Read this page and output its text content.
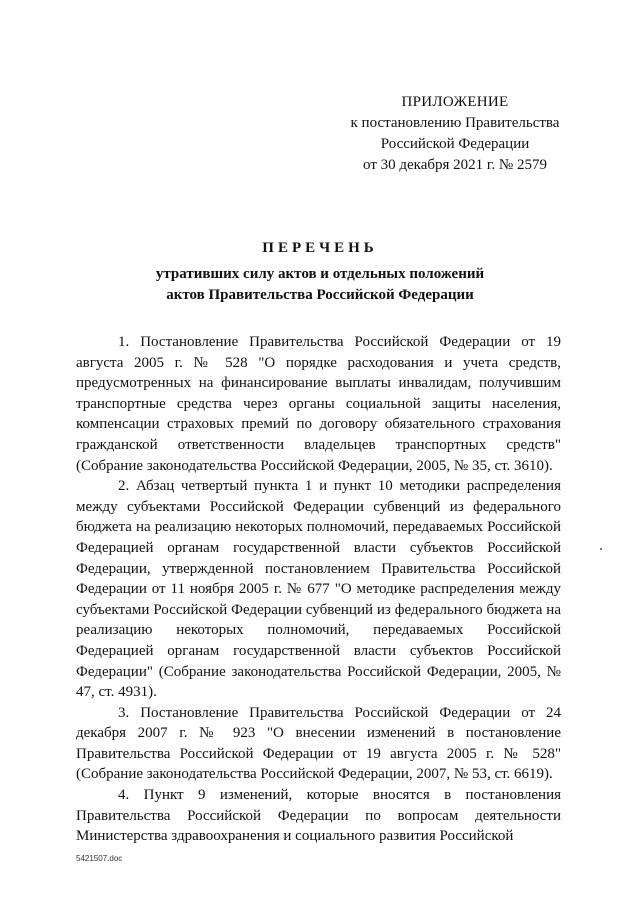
ПРИЛОЖЕНИЕ
к постановлению Правительства
Российской Федерации
от 30 декабря 2021 г. № 2579
ПЕРЕЧЕНЬ
утративших силу актов и отдельных положений
актов Правительства Российской Федерации

1. Постановление Правительства Российской Федерации от 19 августа 2005 г. № 528 "О порядке расходования и учета средств, предусмотренных на финансирование выплаты инвалидам, получившим транспортные средства через органы социальной защиты населения, компенсации страховых премий по договору обязательного страхования гражданской ответственности владельцев транспортных средств" (Собрание законодательства Российской Федерации, 2005, № 35, ст. 3610).

2. Абзац четвертый пункта 1 и пункт 10 методики распределения между субъектами Российской Федерации субвенций из федерального бюджета на реализацию некоторых полномочий, передаваемых Российской Федерацией органам государственной власти субъектов Российской Федерации, утвержденной постановлением Правительства Российской Федерации от 11 ноября 2005 г. № 677 "О методике распределения между субъектами Российской Федерации субвенций из федерального бюджета на реализацию некоторых полномочий, передаваемых Российской Федерацией органам государственной власти субъектов Российской Федерации" (Собрание законодательства Российской Федерации, 2005, № 47, ст. 4931).

3. Постановление Правительства Российской Федерации от 24 декабря 2007 г. № 923 "О внесении изменений в постановление Правительства Российской Федерации от 19 августа 2005 г. № 528" (Собрание законодательства Российской Федерации, 2007, № 53, ст. 6619).

4. Пункт 9 изменений, которые вносятся в постановления Правительства Российской Федерации по вопросам деятельности Министерства здравоохранения и социального развития Российской

5421507.doc
